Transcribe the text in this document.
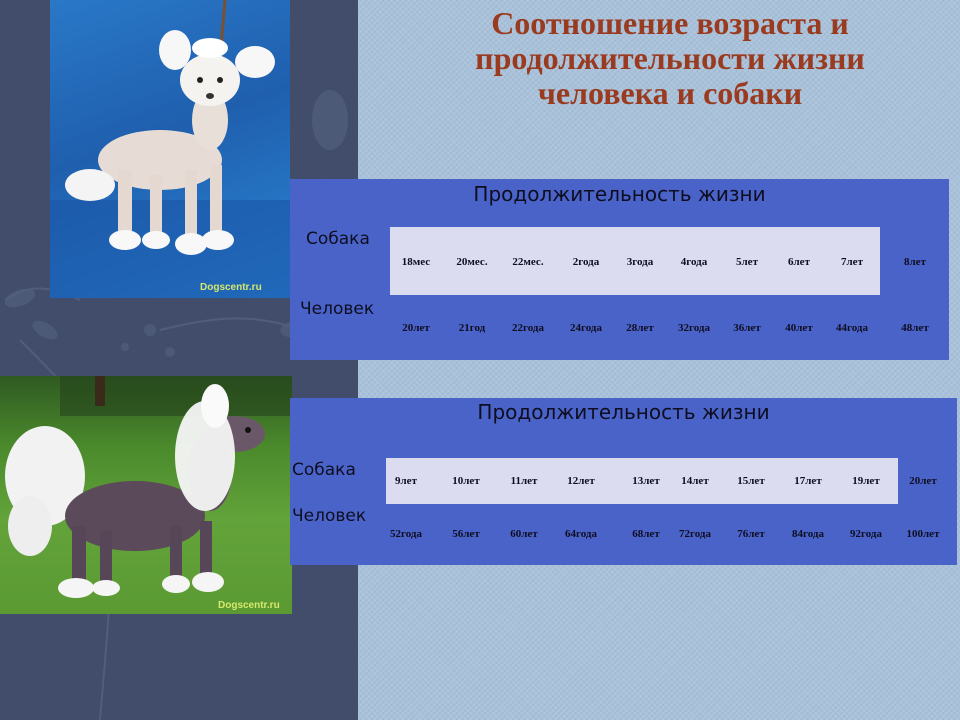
Соотношение возраста и
продолжительности жизни
человека и собаки
Dogscentr.ru
Dogscentr.ru
Продолжительность жизни
Собака
Человек
18мес 20мес. 22мес.	2года	3года	4года	5лет	6лет	7лет	8лет
20лет	21год 22года 24года 28лет 32года 36лет 40лет 44года	48лет
Продолжительность жизни
Собака
Человек
9лет	10лет	11лет	12лет	13лет 14лет	15лет	17лет	19лет	20лет
52года	56лет	60лет 64года	68лет 72года 76лет 84года 92года 100лет
